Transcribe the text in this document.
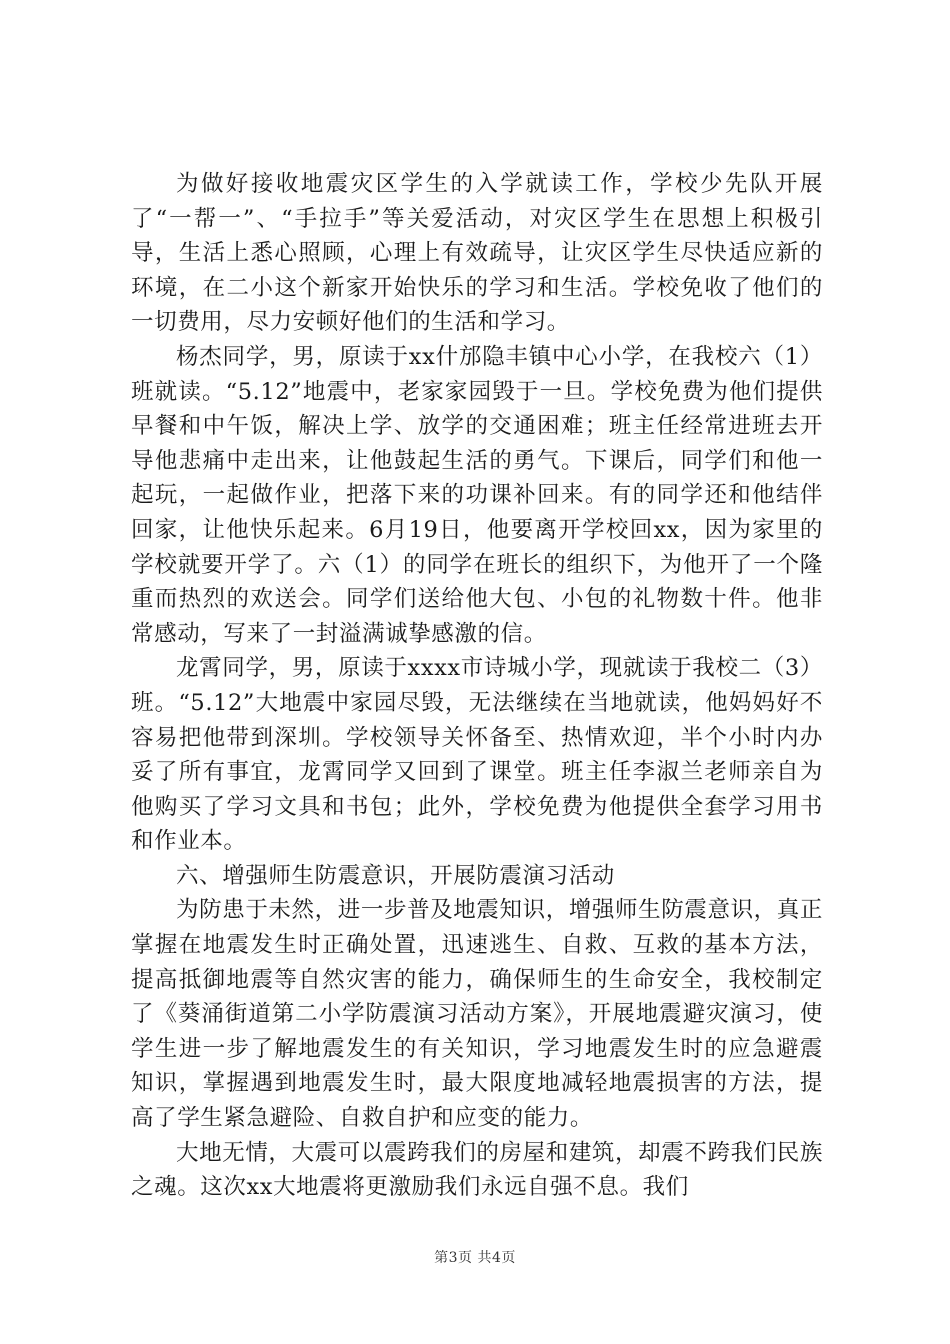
为做好接收地震灾区学生的入学就读工作，学校少先队开展了“一帮一”、“手拉手”等关爱活动，对灾区学生在思想上积极引导，生活上悉心照顾，心理上有效疏导，让灾区学生尽快适应新的环境，在二小这个新家开始快乐的学习和生活。学校免收了他们的一切费用，尽力安顿好他们的生活和学习。

杨杰同学，男，原读于xx什邡隐丰镇中心小学，在我校六（1）班就读。“5.12”地震中，老家家园毁于一旦。学校免费为他们提供早餐和中午饭，解决上学、放学的交通困难；班主任经常进班去开导他悲痛中走出来，让他鼓起生活的勇气。下课后，同学们和他一起玩，一起做作业，把落下来的功课补回来。有的同学还和他结伴回家，让他快乐起来。6月19日，他要离开学校回xx，因为家里的学校就要开学了。六（1）的同学在班长的组织下，为他开了一个隆重而热烈的欢送会。同学们送给他大包、小包的礼物数十件。他非常感动，写来了一封溢满诚挚感激的信。

龙霄同学，男，原读于xxxx市诗城小学，现就读于我校二（3）班。“5.12”大地震中家园尽毁，无法继续在当地就读，他妈妈好不容易把他带到深圳。学校领导关怀备至、热情欢迎，半个小时内办妥了所有事宜，龙霄同学又回到了课堂。班主任李淑兰老师亲自为他购买了学习文具和书包；此外，学校免费为他提供全套学习用书和作业本。

六、增强师生防震意识，开展防震演习活动

为防患于未然，进一步普及地震知识，增强师生防震意识，真正掌握在地震发生时正确处置，迅速逃生、自救、互救的基本方法，提高抵御地震等自然灾害的能力，确保师生的生命安全，我校制定了《葵涌街道第二小学防震演习活动方案》，开展地震避灾演习，使学生进一步了解地震发生的有关知识，学习地震发生时的应急避震知识，掌握遇到地震发生时，最大限度地减轻地震损害的方法，提高了学生紧急避险、自救自护和应变的能力。

大地无情，大震可以震跨我们的房屋和建筑，却震不跨我们民族之魂。这次xx大地震将更激励我们永远自强不息。我们

第3页 共4页
